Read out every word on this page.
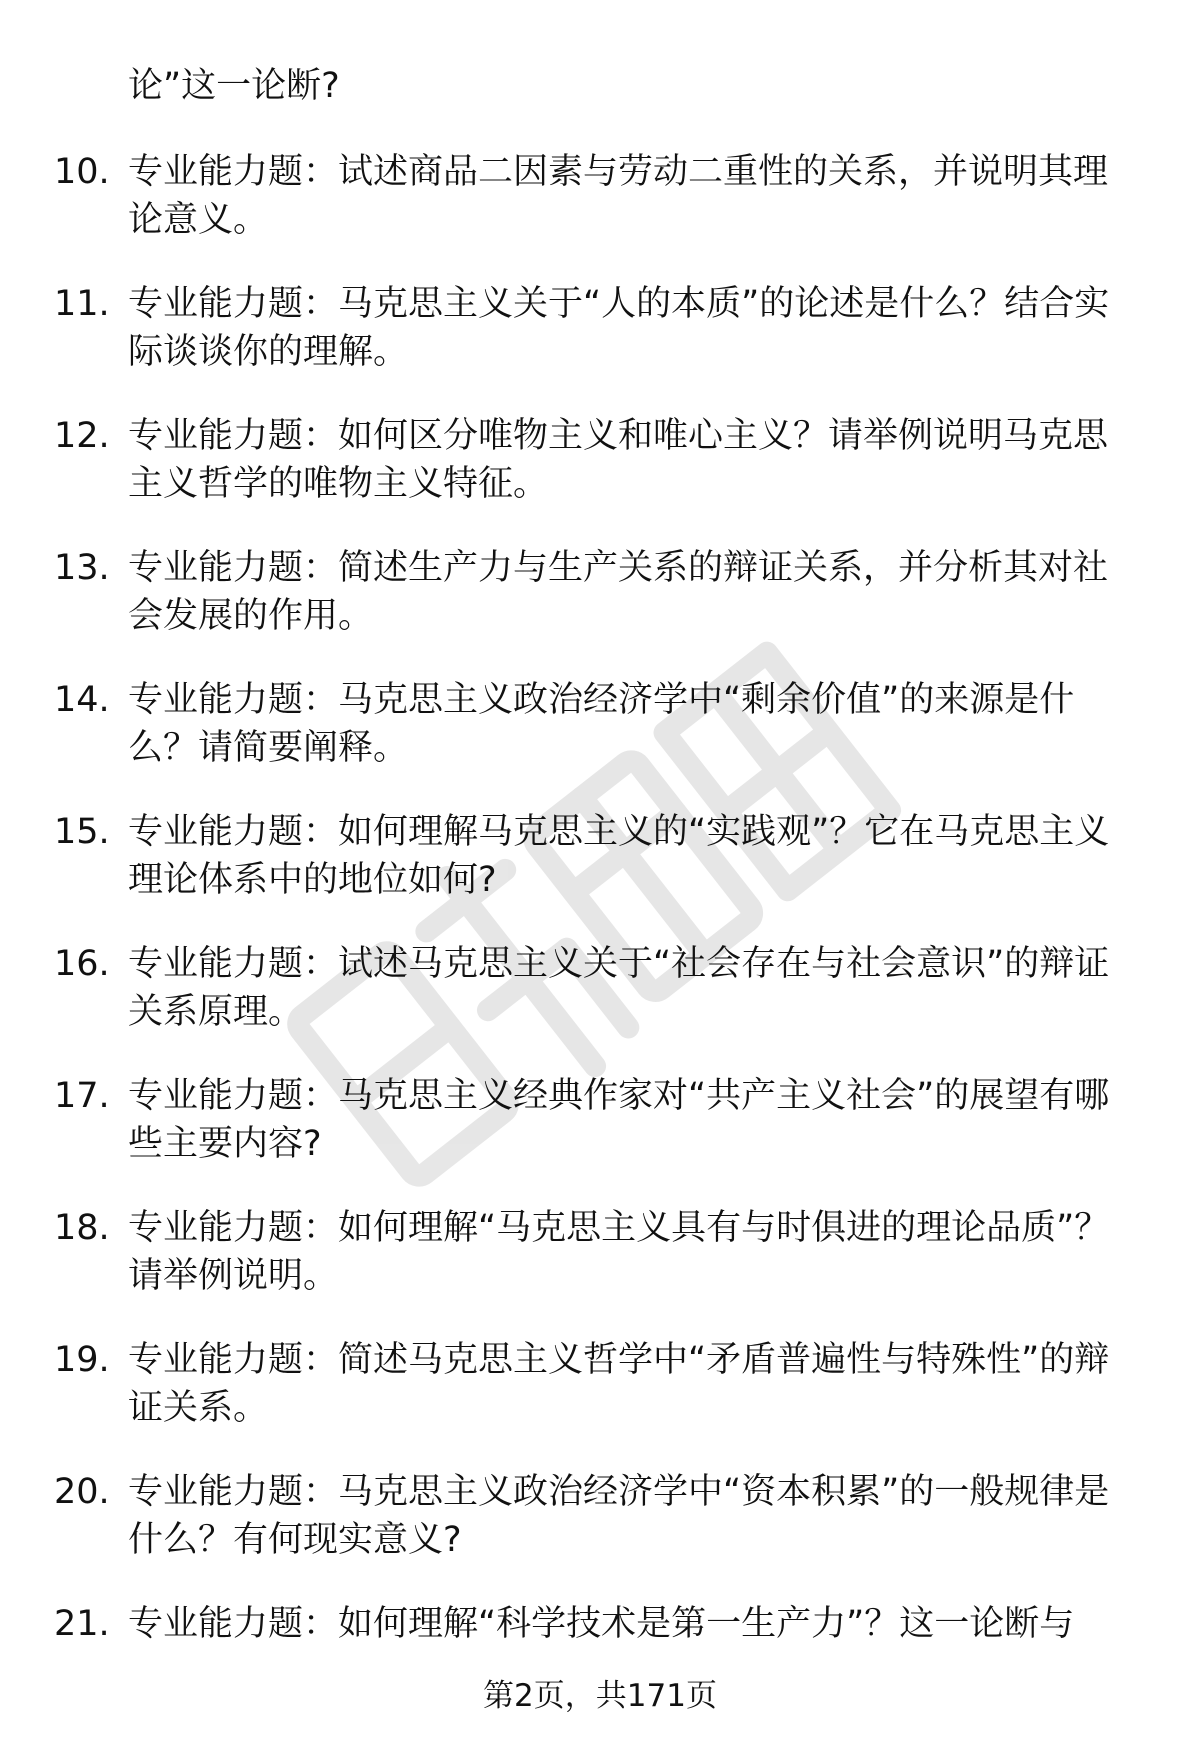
论”这一论断?
10. 专业能力题：试述商品二因素与劳动二重性的关系，并说明其理论意义。
11. 专业能力题：马克思主义关于“人的本质”的论述是什么？结合实际谈谈你的理解。
12. 专业能力题：如何区分唯物主义和唯心主义？请举例说明马克思主义哲学的唯物主义特征。
13. 专业能力题：简述生产力与生产关系的辩证关系，并分析其对社会发展的作用。
14. 专业能力题：马克思主义政治经济学中“剩余价值”的来源是什么？请简要阐释。
15. 专业能力题：如何理解马克思主义的“实践观”？它在马克思主义理论体系中的地位如何?
16. 专业能力题：试述马克思主义关于“社会存在与社会意识”的辩证关系原理。
17. 专业能力题：马克思主义经典作家对“共产主义社会”的展望有哪些主要内容?
18. 专业能力题：如何理解“马克思主义具有与时俱进的理论品质”？请举例说明。
19. 专业能力题：简述马克思主义哲学中“矛盾普遍性与特殊性”的辩证关系。
20. 专业能力题：马克思主义政治经济学中“资本积累”的一般规律是什么？有何现实意义?
21. 专业能力题：如何理解“科学技术是第一生产力”？这一论断与
第2页，共171页
